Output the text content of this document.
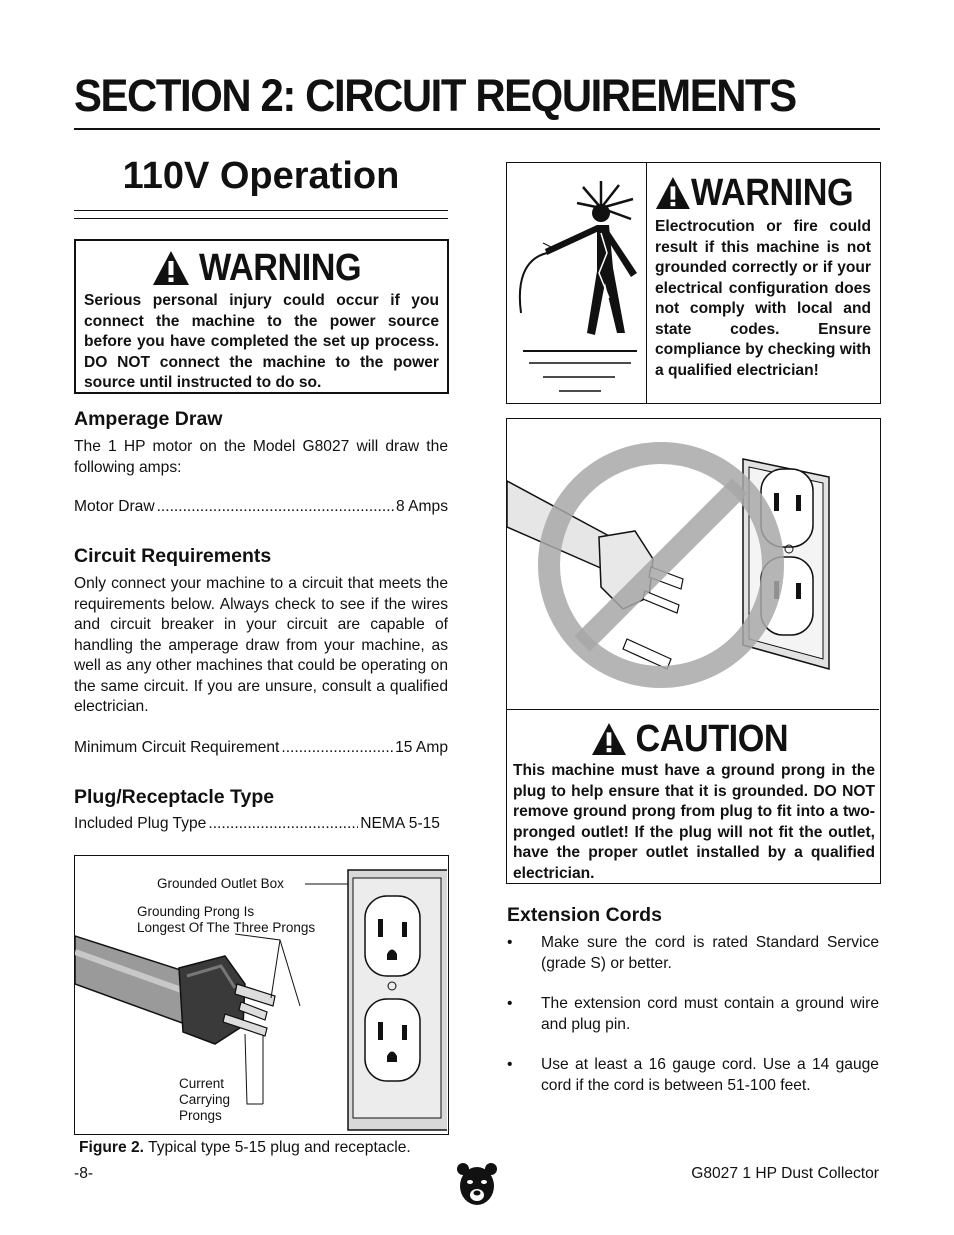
SECTION 2: CIRCUIT REQUIREMENTS
110V Operation
WARNING

Serious personal injury could occur if you connect the machine to the power source before you have completed the set up process. DO NOT connect the machine to the power source until instructed to do so.

Amperage Draw

The 1 HP motor on the Model G8027 will draw the following amps:

Motor Draw .....	8 Amps
Circuit Requirements

Only connect your machine to a circuit that meets the requirements below. Always check to see if the wires and circuit breaker in your circuit are capable of handling the amperage draw from your machine, as well as any other machines that could be operating on the same circuit. If you are unsure, consult a qualified electrician.

Minimum Circuit Requirement .....	15 Amp
Plug/Receptacle Type
Included Plug Type .....	NEMA 5-15
Grounded Outlet Box
Grounding Prong Is
Longest Of The Three Prongs
Current
Carrying
Prongs
Figure 2. Typical type 5-15 plug and receptacle.
WARNING

Electrocution or fire could result if this machine is not grounded correctly or if your electrical configuration does not comply with local and state codes. Ensure compliance by checking with a qualified electrician!

CAUTION

This machine must have a ground prong in the plug to help ensure that it is grounded. DO NOT remove ground prong from plug to fit into a two-pronged outlet! If the plug will not fit the outlet, have the proper outlet installed by a qualified electrician.

Extension Cords
•	Make sure the cord is rated Standard Service (grade S) or better.
•	The extension cord must contain a ground wire and plug pin.
•	Use at least a 16 gauge cord. Use a 14 gauge cord if the cord is between 51-100 feet.
-8-	G8027 1 HP Dust Collector
